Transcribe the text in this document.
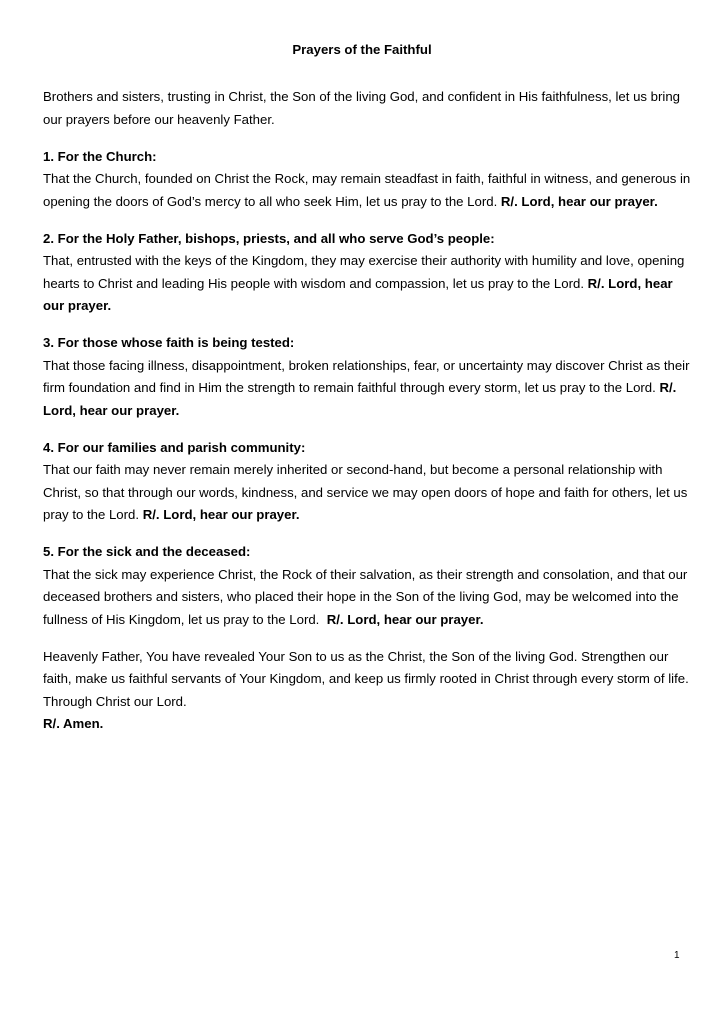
Prayers of the Faithful

Brothers and sisters, trusting in Christ, the Son of the living God, and confident in His faithfulness, let us bring our prayers before our heavenly Father.

1. For the Church:

That the Church, founded on Christ the Rock, may remain steadfast in faith, faithful in witness, and generous in opening the doors of God’s mercy to all who seek Him, let us pray to the Lord. R/. Lord, hear our prayer.

2. For the Holy Father, bishops, priests, and all who serve God’s people:

That, entrusted with the keys of the Kingdom, they may exercise their authority with humility and love, opening hearts to Christ and leading His people with wisdom and compassion, let us pray to the Lord. R/. Lord, hear our prayer.

3. For those whose faith is being tested:

That those facing illness, disappointment, broken relationships, fear, or uncertainty may discover Christ as their firm foundation and find in Him the strength to remain faithful through every storm, let us pray to the Lord. R/. Lord, hear our prayer.

4. For our families and parish community:

That our faith may never remain merely inherited or second-hand, but become a personal relationship with Christ, so that through our words, kindness, and service we may open doors of hope and faith for others, let us pray to the Lord. R/. Lord, hear our prayer.

5. For the sick and the deceased:

That the sick may experience Christ, the Rock of their salvation, as their strength and consolation, and that our deceased brothers and sisters, who placed their hope in the Son of the living God, may be welcomed into the fullness of His Kingdom, let us pray to the Lord. R/. Lord, hear our prayer.

Heavenly Father, You have revealed Your Son to us as the Christ, the Son of the living God. Strengthen our faith, make us faithful servants of Your Kingdom, and keep us firmly rooted in Christ through every storm of life. Through Christ our Lord.

R/. Amen.

1
